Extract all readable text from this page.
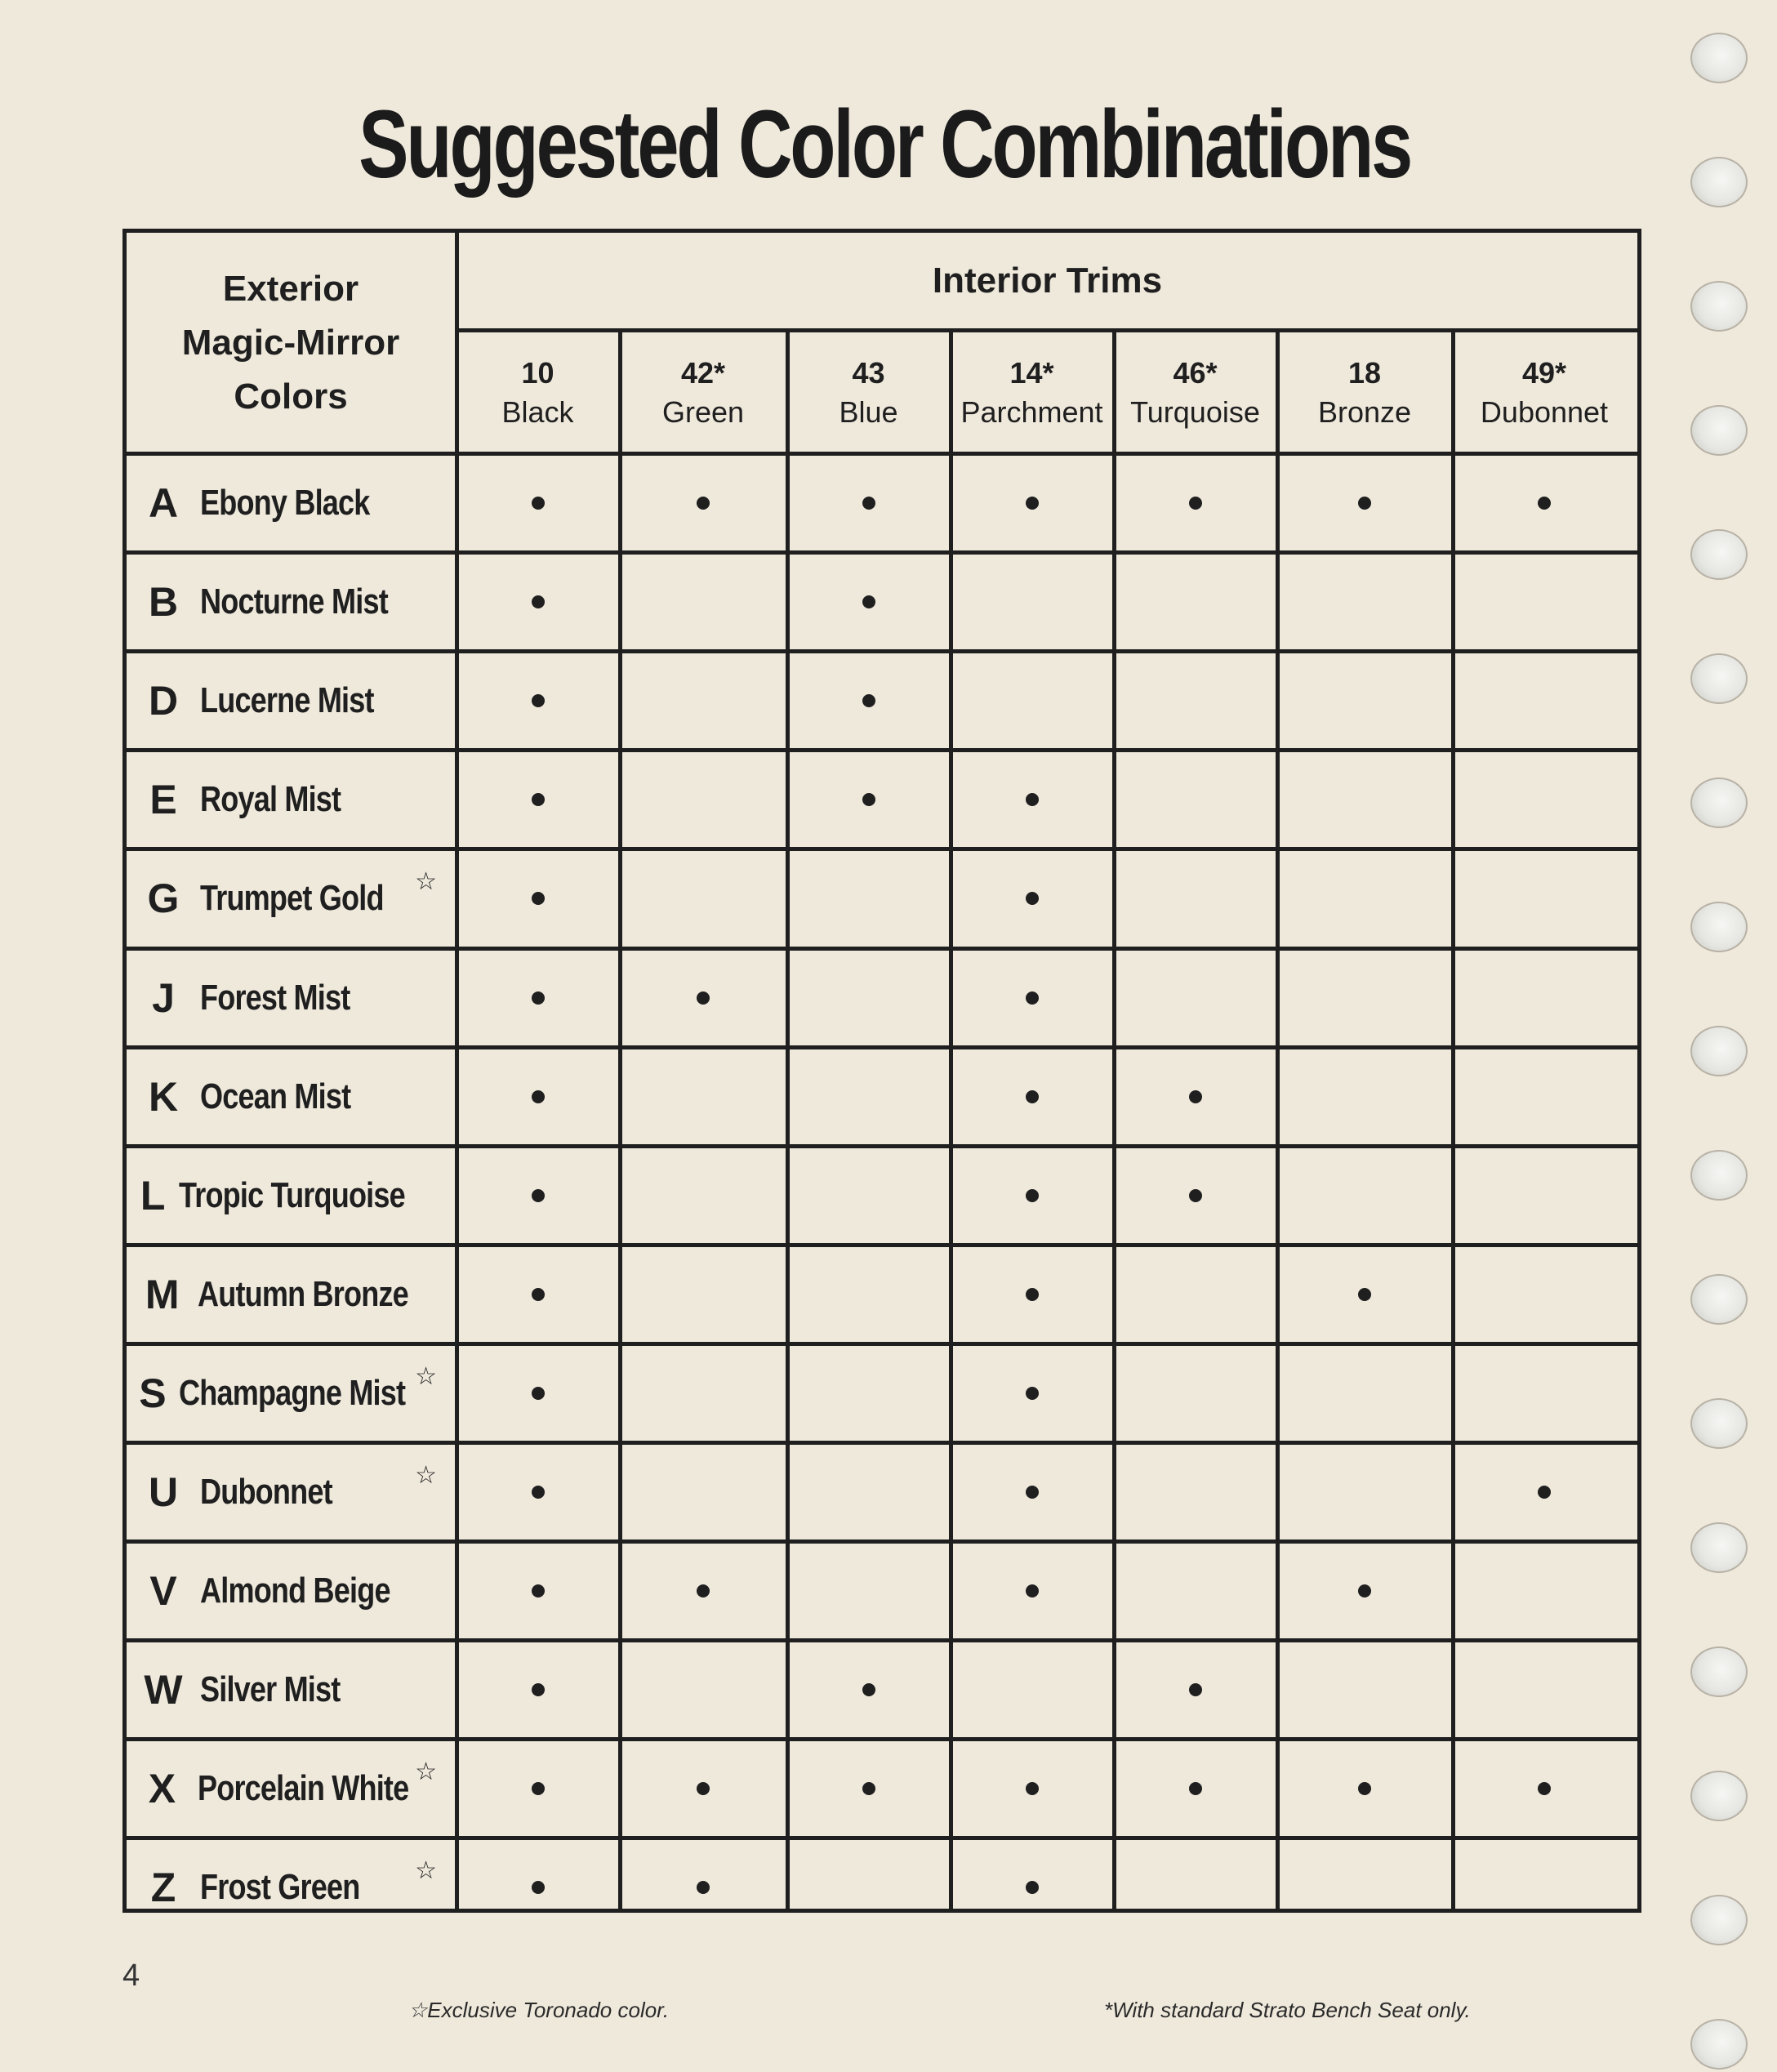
Suggested Color Combinations
Exterior
Magic-Mirror
Colors
Interior Trims
10
Black
42*
Green
43
Blue
14*
Parchment
46*
Turquoise
18
Bronze
49*
Dubonnet
A Ebony Black
B Nocturne Mist
D Lucerne Mist
E Royal Mist
G Trumpet Gold ☆
J Forest Mist
K Ocean Mist
L Tropic Turquoise
M Autumn Bronze
S Champagne Mist ☆
U Dubonnet	☆
V Almond Beige
W Silver Mist
X Porcelain White ☆
Z Frost Green ☆
4
☆Exclusive Toronado color.	*With standard Strato Bench Seat only.
